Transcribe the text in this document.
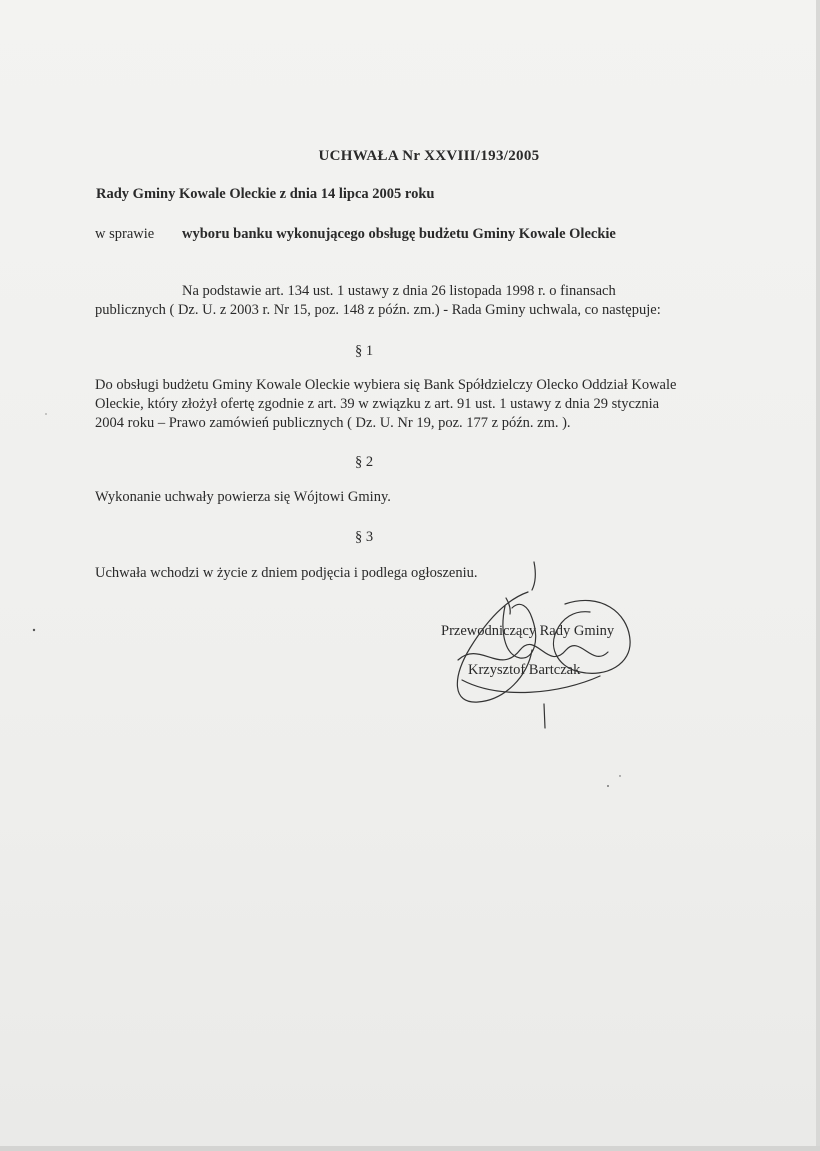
UCHWAŁA Nr XXVIII/193/2005
Rady Gminy Kowale Oleckie z dnia 14 lipca 2005 roku
w sprawie wyboru banku wykonującego obsługę budżetu Gminy Kowale Oleckie
Na podstawie art. 134 ust. 1 ustawy z dnia 26 listopada 1998 r. o finansach
publicznych ( Dz. U. z 2003 r. Nr 15, poz. 148 z późn. zm.) - Rada Gminy uchwala, co następuje:
§ 1
Do obsługi budżetu Gminy Kowale Oleckie wybiera się Bank Spółdzielczy Olecko Oddział Kowale
Oleckie, który złożył ofertę zgodnie z art. 39 w związku z art. 91 ust. 1 ustawy z dnia 29 stycznia
2004 roku – Prawo zamówień publicznych ( Dz. U. Nr 19, poz. 177 z późn. zm. ).
§ 2
Wykonanie uchwały powierza się Wójtowi Gminy.
§ 3
Uchwała wchodzi w życie z dniem podjęcia i podlega ogłoszeniu.
Przewodniczący Rady Gminy
Krzysztof Bartczak
